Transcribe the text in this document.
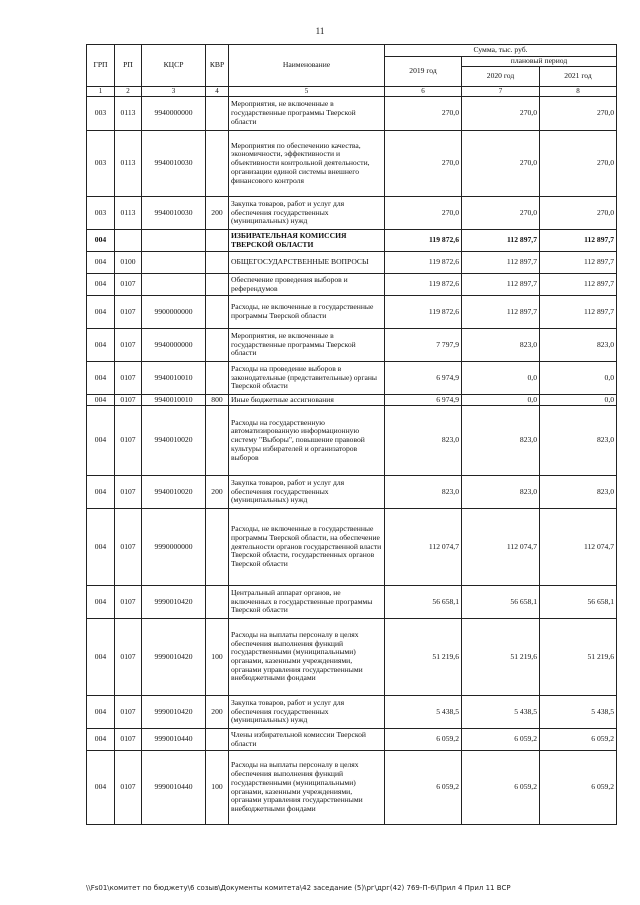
11
ГРП	РП	КЦСР	КВР	Наименование	Сумма, тыс. руб.		
					2019 год	плановый период	
						2020 год	2021 год
1	2	3	4	5	6	7	8
003	0113	9940000000		Мероприятия, не включенные в государственные программы Тверской области	270,0	270,0	270,0
003	0113	9940010030		Мероприятия по обеспечению качества, экономичности, эффективности и объективности контрольной деятельности, организации единой системы внешнего финансового контроля	270,0	270,0	270,0
003	0113	9940010030	200	Закупка товаров, работ и услуг для обеспечения государственных (муниципальных) нужд	270,0	270,0	270,0
004				ИЗБИРАТЕЛЬНАЯ КОМИССИЯ ТВЕРСКОЙ ОБЛАСТИ	119 872,6	112 897,7	112 897,7
004	0100			ОБЩЕГОСУДАРСТВЕННЫЕ ВОПРОСЫ	119 872,6	112 897,7	112 897,7
004	0107			Обеспечение проведения выборов и референдумов	119 872,6	112 897,7	112 897,7
004	0107	9900000000		Расходы, не включенные в государственные программы Тверской области	119 872,6	112 897,7	112 897,7
004	0107	9940000000		Мероприятия, не включенные в государственные программы Тверской области	7 797,9	823,0	823,0
004	0107	9940010010		Расходы на проведение выборов в законодательные (представительные) органы Тверской области	6 974,9	0,0	0,0
004	0107	9940010010	800	Иные бюджетные ассигнования	6 974,9	0,0	0,0
004	0107	9940010020		Расходы на государственную автоматизированную информационную систему "Выборы", повышение правовой культуры избирателей и организаторов выборов	823,0	823,0	823,0
004	0107	9940010020	200	Закупка товаров, работ и услуг для обеспечения государственных (муниципальных) нужд	823,0	823,0	823,0
004	0107	9990000000		Расходы, не включенные в государственные программы Тверской области, на обеспечение деятельности органов государственной власти Тверской области, государственных органов Тверской области	112 074,7	112 074,7	112 074,7
004	0107	9990010420		Центральный аппарат органов, не включенных в государственные программы Тверской области	56 658,1	56 658,1	56 658,1
004	0107	9990010420	100	Расходы на выплаты персоналу в целях обеспечения выполнения функций государственными (муниципальными) органами, казенными учреждениями, органами управления государственными внебюджетными фондами	51 219,6	51 219,6	51 219,6
004	0107	9990010420	200	Закупка товаров, работ и услуг для обеспечения государственных (муниципальных) нужд	5 438,5	5 438,5	5 438,5
004	0107	9990010440		Члены избирательной комиссии Тверской области	6 059,2	6 059,2	6 059,2
004	0107	9990010440	100	Расходы на выплаты персоналу в целях обеспечения выполнения функций государственными (муниципальными) органами, казенными учреждениями, органами управления государственными внебюджетными фондами	6 059,2	6 059,2	6 059,2
\\Fs01\комитет по бюджету\6 созыв\Документы комитета\42 заседание (5)\рг\дрг(42) 769-П-6\Прил 4 Прил 11 ВСР
